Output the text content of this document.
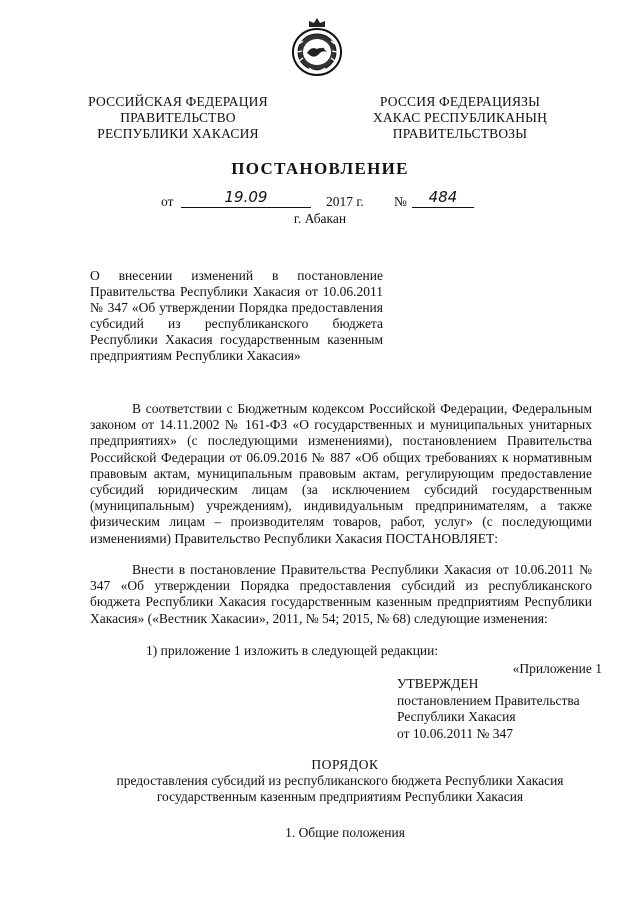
РОССИЙСКАЯ ФЕДЕРАЦИЯ
ПРАВИТЕЛЬСТВО
РЕСПУБЛИКИ ХАКАСИЯ
РОССИЯ ФЕДЕРАЦИЯЗЫ
ХАКАС РЕСПУБЛИКАНЫҢ
ПРАВИТЕЛЬСТВОЗЫ
ПОСТАНОВЛЕНИЕ
от	19.09	2017 г. №	484
г. Абакан
О внесении изменений в постановление Правительства Республики Хакасия от 10.06.2011 № 347 «Об утверждении Порядка предоставления субсидий из республиканского бюджета Республики Хакасия государственным казенным предприятиям Республики Хакасия»
В соответствии с Бюджетным кодексом Российской Федерации, Федеральным законом от 14.11.2002 № 161-ФЗ «О государственных и муниципальных унитарных предприятиях» (с последующими изменениями), постановлением Правительства Российской Федерации от 06.09.2016 № 887 «Об общих требованиях к нормативным правовым актам, муниципальным правовым актам, регулирующим предоставление субсидий юридическим лицам (за исключением субсидий государственным (муниципальным) учреждениям), индивидуальным предпринимателям, а также физическим лицам – производителям товаров, работ, услуг» (с последующими изменениями) Правительство Республики Хакасия ПОСТАНОВЛЯЕТ:
Внести в постановление Правительства Республики Хакасия от 10.06.2011 № 347 «Об утверждении Порядка предоставления субсидий из республиканского бюджета Республики Хакасия государственным казенным предприятиям Республики Хакасия» («Вестник Хакасии», 2011, № 54; 2015, № 68) следующие изменения:
1) приложение 1 изложить в следующей редакции:
«Приложение 1
УТВЕРЖДЕН
постановлением Правительства
Республики Хакасия
от 10.06.2011 № 347
ПОРЯДОК
предоставления субсидий из республиканского бюджета Республики Хакасия
государственным казенным предприятиям Республики Хакасия
1. Общие положения
